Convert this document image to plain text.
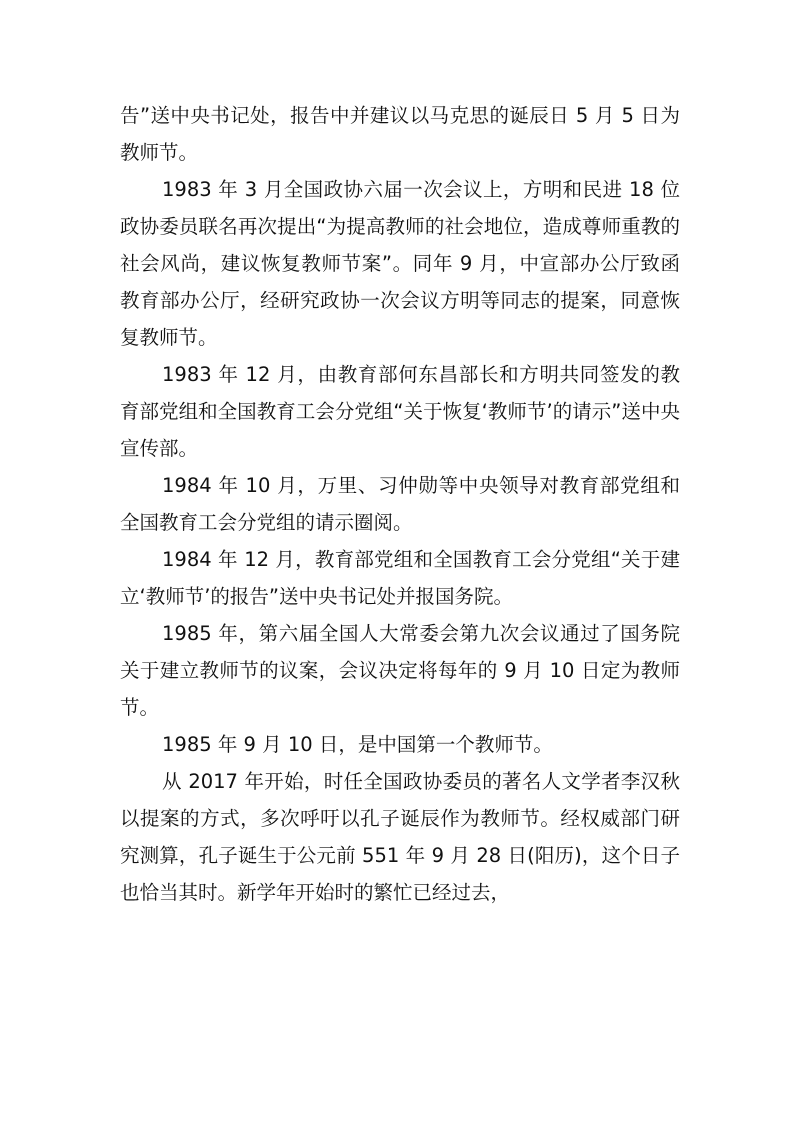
告”送中央书记处，报告中并建议以马克思的诞辰日 5 月 5 日为教师节。

1983 年 3 月全国政协六届一次会议上，方明和民进 18 位政协委员联名再次提出“为提高教师的社会地位，造成尊师重教的社会风尚，建议恢复教师节案”。同年 9 月，中宣部办公厅致函教育部办公厅，经研究政协一次会议方明等同志的提案，同意恢复教师节。

1983 年 12 月，由教育部何东昌部长和方明共同签发的教育部党组和全国教育工会分党组“关于恢复‘教师节’的请示”送中央宣传部。

1984 年 10 月，万里、习仲勋等中央领导对教育部党组和全国教育工会分党组的请示圈阅。

1984 年 12 月，教育部党组和全国教育工会分党组“关于建立‘教师节’的报告”送中央书记处并报国务院。

1985 年，第六届全国人大常委会第九次会议通过了国务院关于建立教师节的议案，会议决定将每年的 9 月 10 日定为教师节。

1985 年 9 月 10 日，是中国第一个教师节。

从 2017 年开始，时任全国政协委员的著名人文学者李汉秋以提案的方式，多次呼吁以孔子诞辰作为教师节。经权威部门研究测算，孔子诞生于公元前 551 年 9 月 28 日(阳历)，这个日子也恰当其时。新学年开始时的繁忙已经过去，
